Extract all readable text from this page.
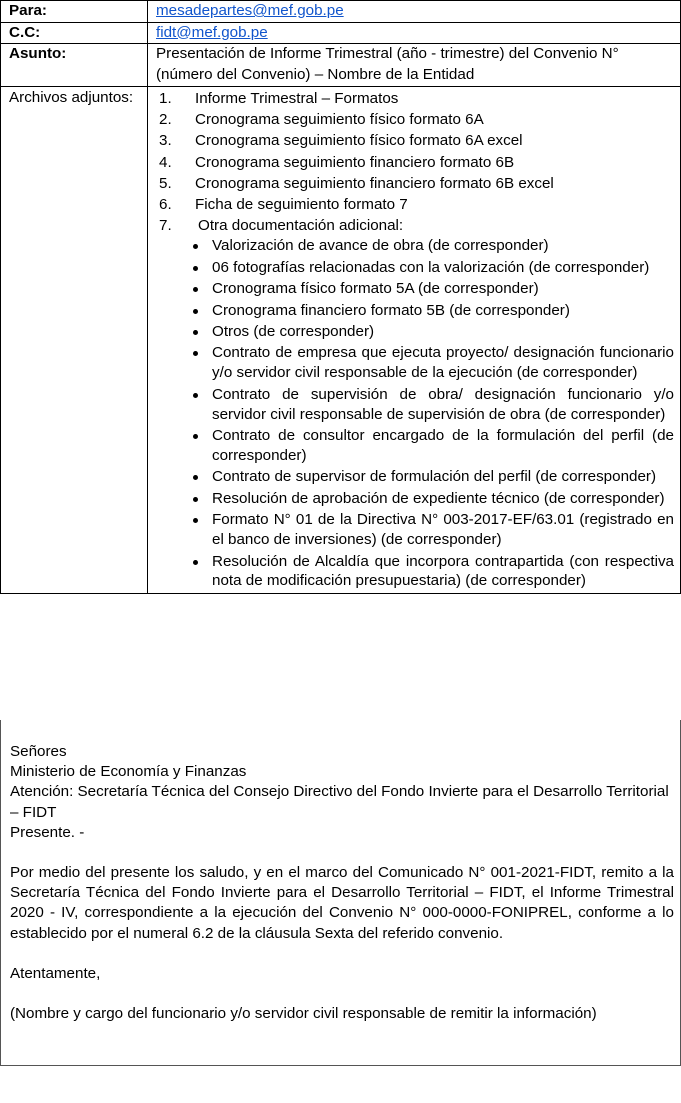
Para:	mesadepartes@mef.gob.pe
C.C:	fidt@mef.gob.pe
Asunto:	Presentación de Informe Trimestral (año - trimestre) del Convenio N° (número del Convenio) – Nombre de la Entidad
Archivos adjuntos:	1.	Informe Trimestral – Formatos
2.	Cronograma seguimiento físico formato 6A
3.	Cronograma seguimiento físico formato 6A excel
4.	Cronograma seguimiento financiero formato 6B
5.	Cronograma seguimiento financiero formato 6B excel
6.	Ficha de seguimiento formato 7
7.	Otra documentación adicional:
Valorización de avance de obra (de corresponder)
06 fotografías relacionadas con la valorización (de corresponder)
Cronograma físico formato 5A (de corresponder)
Cronograma financiero formato 5B (de corresponder)
Otros (de corresponder)
Contrato de empresa que ejecuta proyecto/ designación funcionario y/o servidor civil responsable de la ejecución (de corresponder)
Contrato de supervisión de obra/ designación funcionario y/o servidor civil responsable de supervisión de obra (de corresponder)
Contrato de consultor encargado de la formulación del perfil (de corresponder)
Contrato de supervisor de formulación del perfil (de corresponder)
Resolución de aprobación de expediente técnico (de corresponder)
Formato N° 01 de la Directiva N° 003-2017-EF/63.01 (registrado en el banco de inversiones) (de corresponder)
Resolución de Alcaldía que incorpora contrapartida (con respectiva nota de modificación presupuestaria) (de corresponder)

Señores

Ministerio de Economía y Finanzas

Atención: Secretaría Técnica del Consejo Directivo del Fondo Invierte para el Desarrollo Territorial – FIDT

Presente. -

Por medio del presente los saludo, y en el marco del Comunicado N° 001-2021-FIDT, remito a la Secretaría Técnica del Fondo Invierte para el Desarrollo Territorial – FIDT, el Informe Trimestral 2020 - IV, correspondiente a la ejecución del Convenio N° 000-0000-FONIPREL, conforme a lo establecido por el numeral 6.2 de la cláusula Sexta del referido convenio.

Atentamente,

(Nombre y cargo del funcionario y/o servidor civil responsable de remitir la información)
